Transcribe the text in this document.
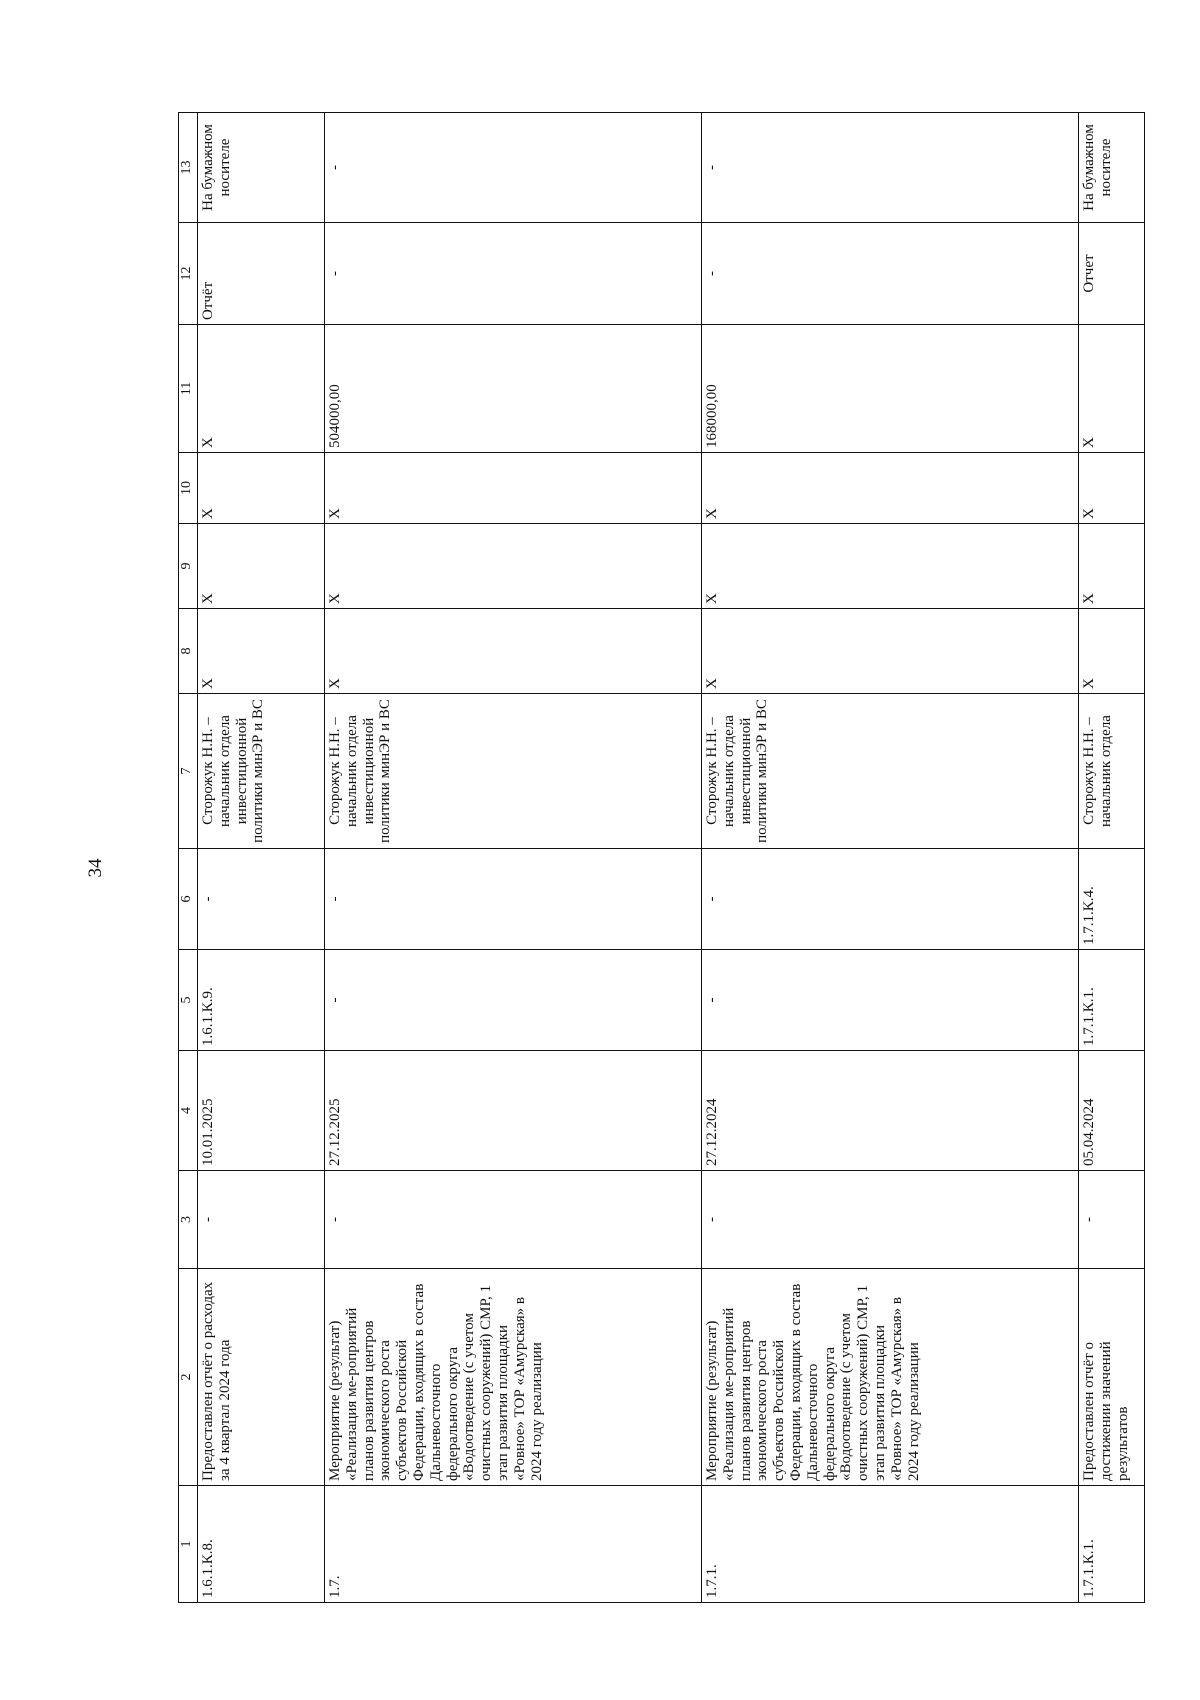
34
1	2	3	4	5	6	7	8	9	10	11	12	13
1.6.1.К.8.	Предоставлен отчёт о расходах за 4 квартал 2024 года	-	10.01.2025	1.6.1.К.9.	-	Сторожук Н.Н. – начальник отдела инвестиционной политики минЭР и ВС	Х	Х	Х	Х	Отчёт	На бумажном носителе
1.7.	Мероприятие (результат) «Реализация ме-роприятий планов развития центров экономического роста субъектов Российской Федерации, входящих в состав Дальневосточного федерального округа «Водоотведение (с учетом очистных сооружений) СМР, 1 этап развития площадки «Ровное» ТОР «Амурская» в 2024 году реализации	-	27.12.2025	-	-	Сторожук Н.Н. – начальник отдела инвестиционной политики минЭР и ВС	Х	Х	Х	504000,00	-	-
1.7.1.	Мероприятие (результат) «Реализация ме-роприятий планов развития центров экономического роста субъектов Российской Федерации, входящих в состав Дальневосточного федерального округа «Водоотведение (с учетом очистных сооружений) СМР, 1 этап развития площадки «Ровное» ТОР «Амурская» в 2024 году реализации	-	27.12.2024	-	-	Сторожук Н.Н. – начальник отдела инвестиционной политики минЭР и ВС	Х	Х	Х	168000,00	-	-
1.7.1.К.1.	Предоставлен отчёт о достижении значений результатов	-	05.04.2024	1.7.1.К.1.	1.7.1.К.4.	Сторожук Н.Н. – начальник отдела	Х	Х	Х	Х	Отчет	На бумажном носителе
